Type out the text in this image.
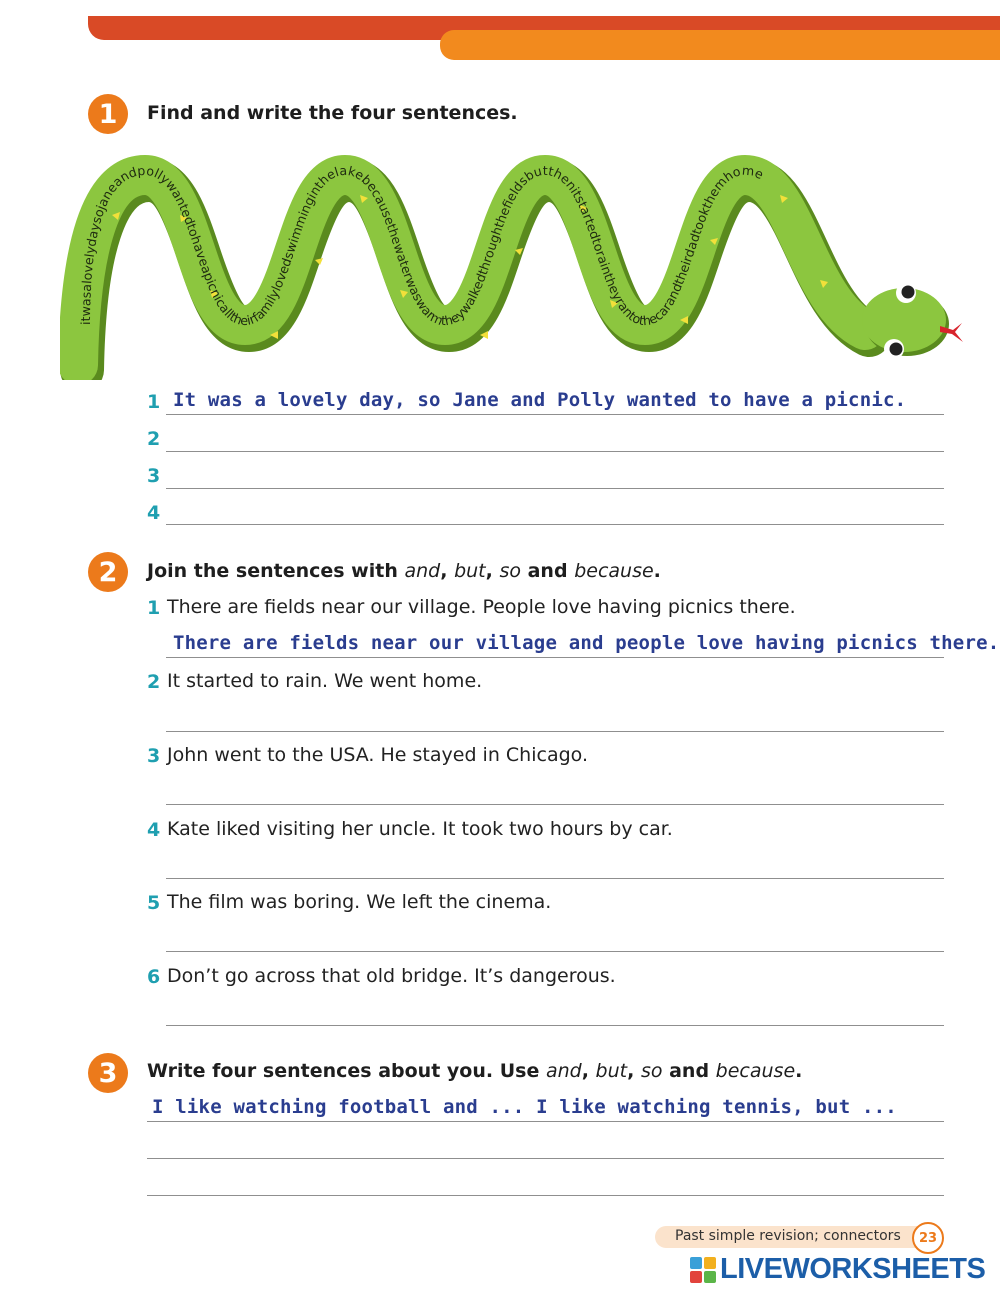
1	Find and write the four sentences.
itwasalovelydaysojaneandpollywantedtohaveapicnicalltheirfamilylovedswimminginthelakebecausethewaterwaswarmtheywalkedthroughthefieldsbutthenitstartedtoraintheyrantothecarandtheirdadtookthemhome
1 It was a lovely day, so Jane and Polly wanted to have a picnic.
2
3
4
2	Join the sentences with and, but, so and because.
1 There are fields near our village. People love having picnics there.
There are fields near our village and people love having picnics there.
2 It started to rain. We went home.
3 John went to the USA. He stayed in Chicago.
4 Kate liked visiting her uncle. It took two hours by car.
5 The film was boring. We left the cinema.
6 Don’t go across that old bridge. It’s dangerous.
3	Write four sentences about you. Use and, but, so and because.
I like watching football and ... I like watching tennis, but ...
Past simple revision; connectors	23
LIVEWORKSHEETS
